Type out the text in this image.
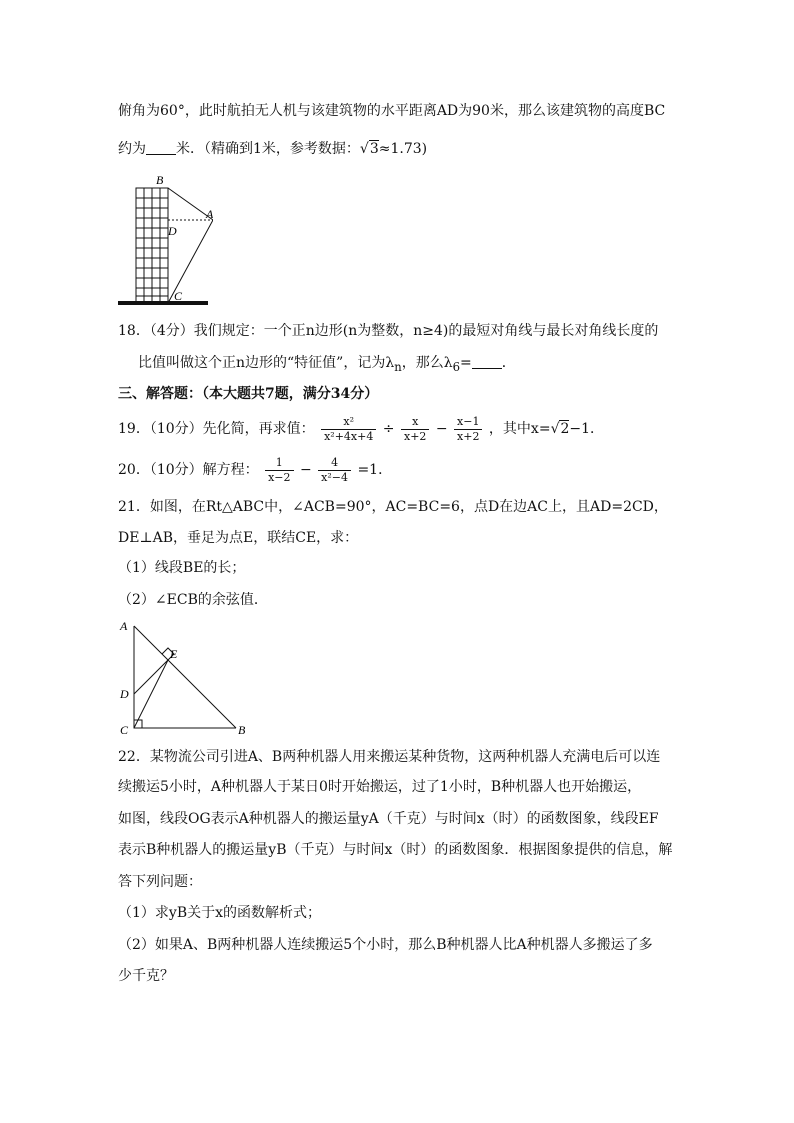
俯角为60°，此时航拍无人机与该建筑物的水平距离AD为90米，那么该建筑物的高度BC
约为 米．（精确到1米，参考数据：√3≈1.73)
B
A
D
C
18．（4分）我们规定：一个正n边形(n为整数，n≥4)的最短对角线与最长对角线长度的
比值叫做这个正n边形的“特征值”，记为$\lambda_n$，那么$\lambda_6=$ ．
三、解答题：（本大题共7题，满分34分）
19．（10分）先化简，再求值： $\frac{\text{x²}}{\text{x²+4x+4}} \div \frac{x}{x+2} - \frac{x-1}{x+2}$ ，其中x=√2−1．
20．（10分）解方程： $\frac{1}{x-2} - \frac{4}{\text{x²−4}} =1$．
21．如图，在Rt△ABC中，∠ACB=90°，AC=BC=6，点D在边AC上，且AD=2CD，
DE⊥AB，垂足为点E，联结CE，求：
（1）线段BE的长；
（2）∠ECB的余弦值．
A
E
D
C	B
22．某物流公司引进A、B两种机器人用来搬运某种货物，这两种机器人充满电后可以连
续搬运5小时，A种机器人于某日0时开始搬运，过了1小时，B种机器人也开始搬运，
如图，线段OG表示A种机器人的搬运量yA（千克）与时间x（时）的函数图象，线段EF
表示B种机器人的搬运量yB（千克）与时间x（时）的函数图象．根据图象提供的信息，解
答下列问题：
（1）求yB关于x的函数解析式；
（2）如果A、B两种机器人连续搬运5个小时，那么B种机器人比A种机器人多搬运了多
少千克？
